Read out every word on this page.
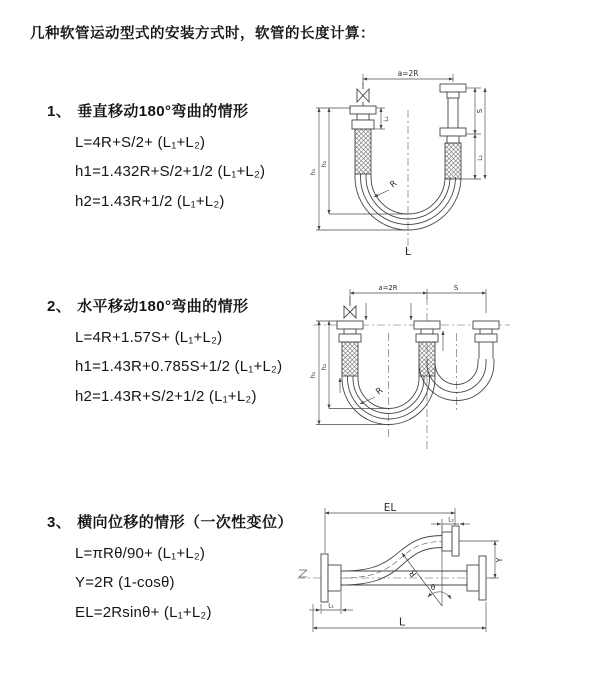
几种软管运动型式的安装方式时，软管的长度计算：
1、 垂直移动180°弯曲的情形
L=4R+S/2+ (L₁+L₂)
h1=1.432R+S/2+1/2 (L₁+L₂)
h2=1.43R+1/2 (L₁+L₂)
2、 水平移动180°弯曲的情形
L=4R+1.57S+ (L₁+L₂)
h1=1.43R+0.785S+1/2 (L₁+L₂)
h2=1.43R+S/2+1/2 (L₁+L₂)
3、 横向位移的情形（一次性变位）
L=πRθ/90+ (L₁+L₂)
Y=2R (1-cosθ)
EL=2Rsinθ+ (L₁+L₂)
a=2R
h₁
h₂
L₁
S
L₂
R
L
a=2R	S
h₁
h₂
R
R
θ
EL
L₂
Y
L₁
L
